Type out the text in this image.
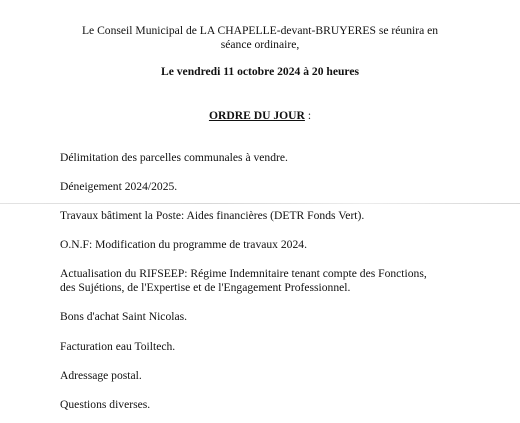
Le Conseil Municipal de LA CHAPELLE-devant-BRUYERES se réunira en
séance ordinaire,
Le vendredi 11 octobre 2024 à 20 heures
ORDRE DU JOUR :
Délimitation des parcelles communales à vendre.
Déneigement 2024/2025.
Travaux bâtiment la Poste: Aides financières (DETR Fonds Vert).
O.N.F: Modification du programme de travaux 2024.
Actualisation du RIFSEEP: Régime Indemnitaire tenant compte des Fonctions,
des Sujétions, de l'Expertise et de l'Engagement Professionnel.
Bons d'achat Saint Nicolas.
Facturation eau Toiltech.
Adressage postal.
Questions diverses.
